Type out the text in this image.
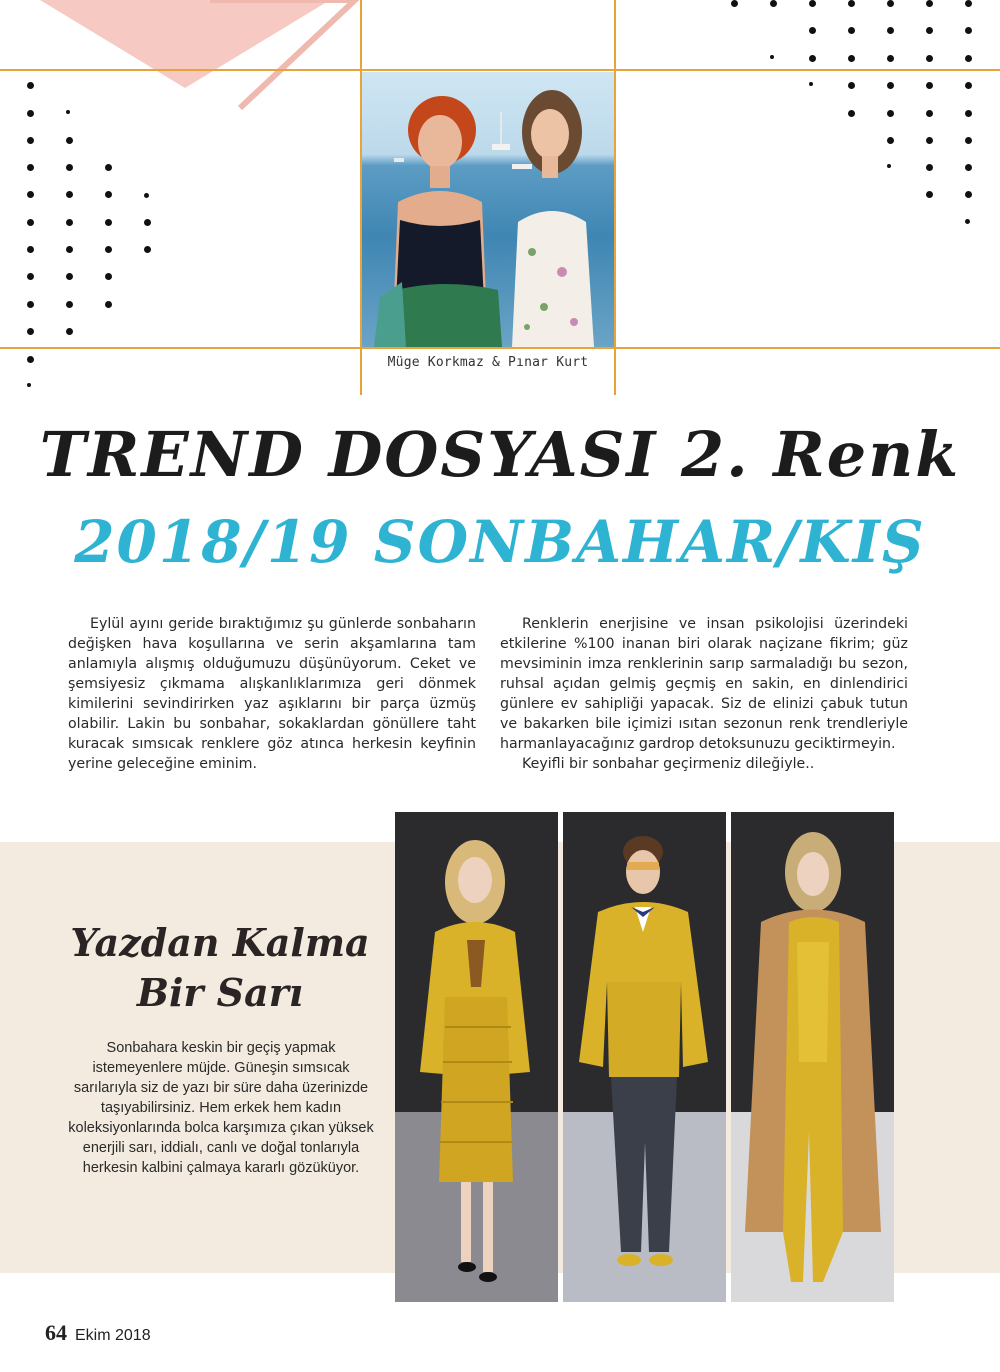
Müge Korkmaz & Pınar Kurt
TREND DOSYASI 2. Renk
2018/19 SONBAHAR/KIŞ

Eylül ayını geride bıraktığımız şu günlerde sonbaharın değişken hava koşullarına ve serin akşamlarına tam anlamıyla alışmış olduğumuzu düşünüyorum. Ceket ve şemsiyesiz çıkmama alışkanlıklarımıza geri dönmek kimilerini sevindirirken yaz aşıklarını bir parça üzmüş olabilir. Lakin bu sonbahar, sokaklardan gönüllere taht kuracak sımsıcak renklere göz atınca herkesin keyfinin yerine geleceğine eminim.

Renklerin enerjisine ve insan psikolojisi üzerindeki etkilerine %100 inanan biri olarak naçizane fikrim; güz mevsiminin imza renklerinin sarıp sarmaladığı bu sezon, ruhsal açıdan gelmiş geçmiş en sakin, en dinlendirici günlere ev sahipliği yapacak. Siz de elinizi çabuk tutun ve bakarken bile içimizi ısıtan sezonun renk trendleriyle harmanlayacağınız gardrop detoksunuzu geciktirmeyin.

Keyifli bir sonbahar geçirmeniz dileğiyle..

Yazdan Kalma
Bir Sarı
Sonbahara keskin bir geçiş yapmak istemeyenlere müjde. Güneşin sımsıcak sarılarıyla siz de yazı bir süre daha üzerinizde taşıyabilirsiniz. Hem erkek hem kadın koleksiyonlarında bolca karşımıza çıkan yüksek enerjili sarı, iddialı, canlı ve doğal tonlarıyla herkesin kalbini çalmaya kararlı gözüküyor.
64 Ekim 2018
